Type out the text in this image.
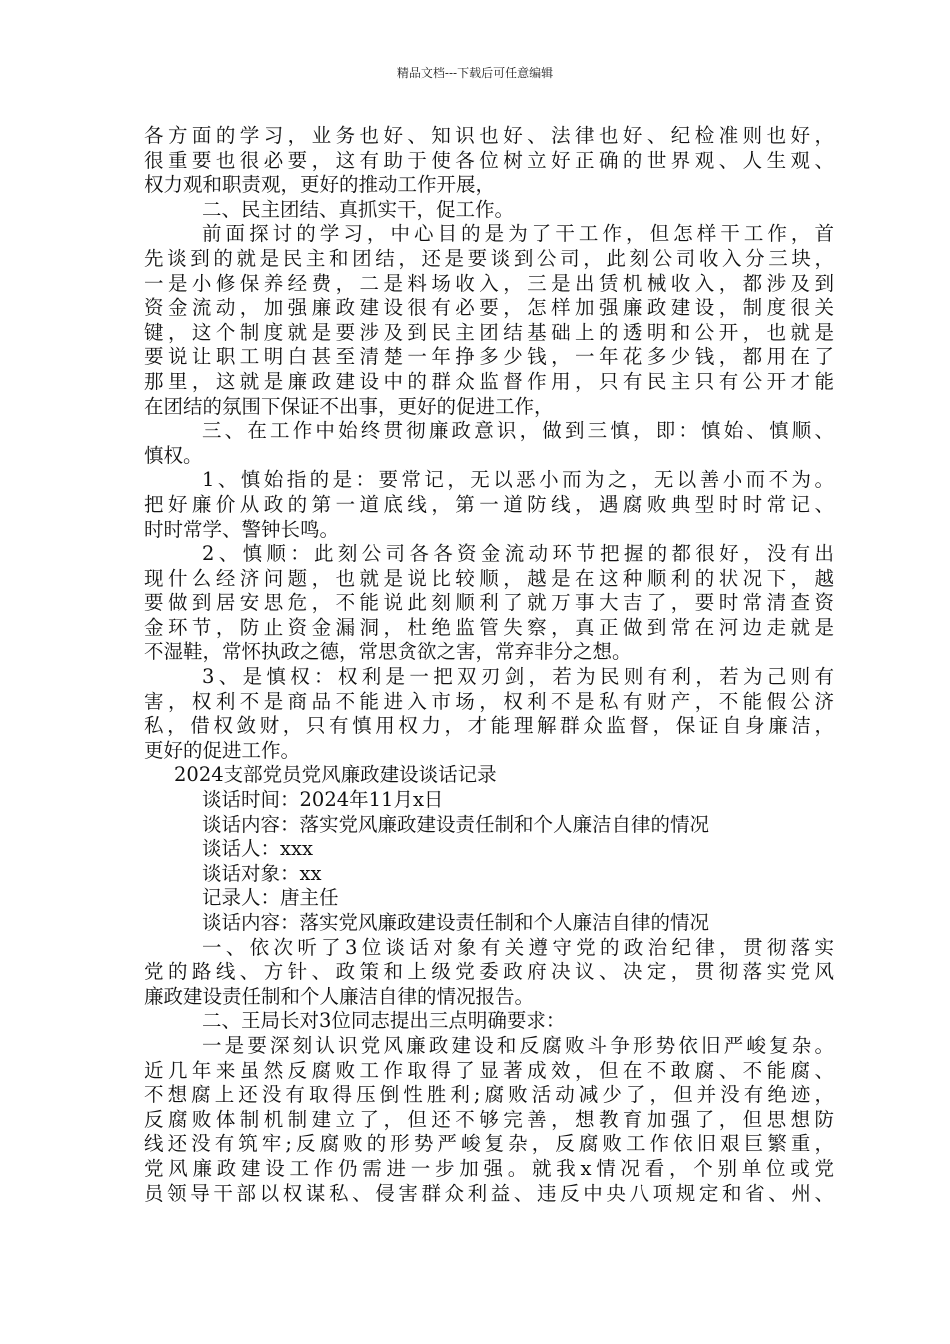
精品文档---下载后可任意编辑
各方面的学习，业务也好、知识也好、法律也好、纪检准则也好，
很重要也很必要，这有助于使各位树立好正确的世界观、人生观、
权力观和职责观，更好的推动工作开展，
二、民主团结、真抓实干，促工作。
前面探讨的学习，中心目的是为了干工作，但怎样干工作，首
先谈到的就是民主和团结，还是要谈到公司，此刻公司收入分三块，
一是小修保养经费，二是料场收入，三是出赁机械收入，都涉及到
资金流动，加强廉政建设很有必要，怎样加强廉政建设，制度很关
键，这个制度就是要涉及到民主团结基础上的透明和公开，也就是
要说让职工明白甚至清楚一年挣多少钱，一年花多少钱，都用在了
那里，这就是廉政建设中的群众监督作用，只有民主只有公开才能
在团结的氛围下保证不出事，更好的促进工作，
三、在工作中始终贯彻廉政意识，做到三慎，即：慎始、慎顺、
慎权。
1、慎始指的是：要常记，无以恶小而为之，无以善小而不为。
把好廉价从政的第一道底线，第一道防线，遇腐败典型时时常记、
时时常学、警钟长鸣。
2、慎顺：此刻公司各各资金流动环节把握的都很好，没有出
现什么经济问题，也就是说比较顺，越是在这种顺利的状况下，越
要做到居安思危，不能说此刻顺利了就万事大吉了，要时常清查资
金环节，防止资金漏洞，杜绝监管失察，真正做到常在河边走就是
不湿鞋，常怀执政之德，常思贪欲之害，常弃非分之想。
3、是慎权：权利是一把双刃剑，若为民则有利，若为己则有
害，权利不是商品不能进入市场，权利不是私有财产，不能假公济
私，借权敛财，只有慎用权力，才能理解群众监督，保证自身廉洁，
更好的促进工作。
2024支部党员党风廉政建设谈话记录
谈话时间：2024年11月x日
谈话内容：落实党风廉政建设责任制和个人廉洁自律的情况
谈话人：xxx
谈话对象：xx
记录人：唐主任
谈话内容：落实党风廉政建设责任制和个人廉洁自律的情况
一、依次听了3位谈话对象有关遵守党的政治纪律，贯彻落实
党的路线、方针、政策和上级党委政府决议、决定，贯彻落实党风
廉政建设责任制和个人廉洁自律的情况报告。
二、王局长对3位同志提出三点明确要求：
一是要深刻认识党风廉政建设和反腐败斗争形势依旧严峻复杂。
近几年来虽然反腐败工作取得了显著成效，但在不敢腐、不能腐、
不想腐上还没有取得压倒性胜利;腐败活动减少了，但并没有绝迹，
反腐败体制机制建立了，但还不够完善，想教育加强了，但思想防
线还没有筑牢;反腐败的形势严峻复杂，反腐败工作依旧艰巨繁重，
党风廉政建设工作仍需进一步加强。就我x情况看，个别单位或党
员领导干部以权谋私、侵害群众利益、违反中央八项规定和省、州、
